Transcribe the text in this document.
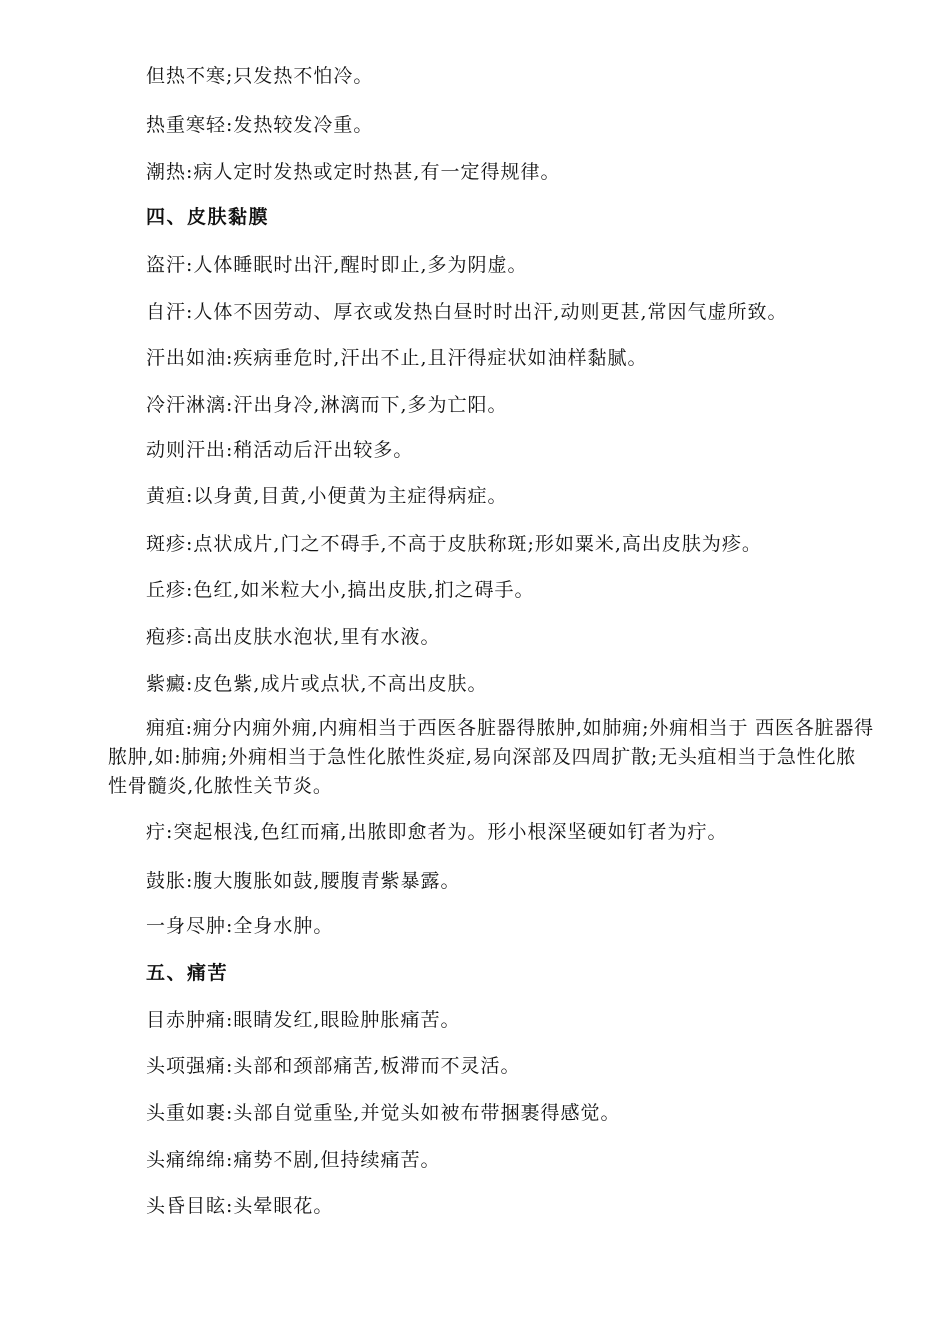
但热不寒;只发热不怕冷。
热重寒轻:发热较发冷重。
潮热:病人定时发热或定时热甚,有一定得规律。
四、皮肤黏膜
盗汗:人体睡眠时出汗,醒时即止,多为阴虚。
自汗:人体不因劳动、厚衣或发热白昼时时出汗,动则更甚,常因气虚所致。
汗出如油:疾病垂危时,汗出不止,且汗得症状如油样黏腻。
冷汗淋漓:汗出身冷,淋漓而下,多为亡阳。
动则汗出:稍活动后汗出较多。
黄疸:以身黄,目黄,小便黄为主症得病症。
斑疹:点状成片,门之不碍手,不高于皮肤称斑;形如粟米,高出皮肤为疹。
丘疹:色红,如米粒大小,搞出皮肤,扪之碍手。
疱疹:高出皮肤水泡状,里有水液。
紫癜:皮色紫,成片或点状,不高出皮肤。
痈疽:痈分内痈外痈,内痈相当于西医各脏器得脓肿,如肺痈;外痈相当于 西医各脏器得脓肿,如:肺痈;外痈相当于急性化脓性炎症,易向深部及四周扩散;无头疽相当于急性化脓性骨髓炎,化脓性关节炎。
疔:突起根浅,色红而痛,出脓即愈者为。形小根深坚硬如钉者为疔。
鼓胀:腹大腹胀如鼓,腰腹青紫暴露。
一身尽肿:全身水肿。
五、痛苦
目赤肿痛:眼睛发红,眼睑肿胀痛苦。
头项强痛:头部和颈部痛苦,板滞而不灵活。
头重如裹:头部自觉重坠,并觉头如被布带捆裹得感觉。
头痛绵绵:痛势不剧,但持续痛苦。
头昏目眩:头晕眼花。
